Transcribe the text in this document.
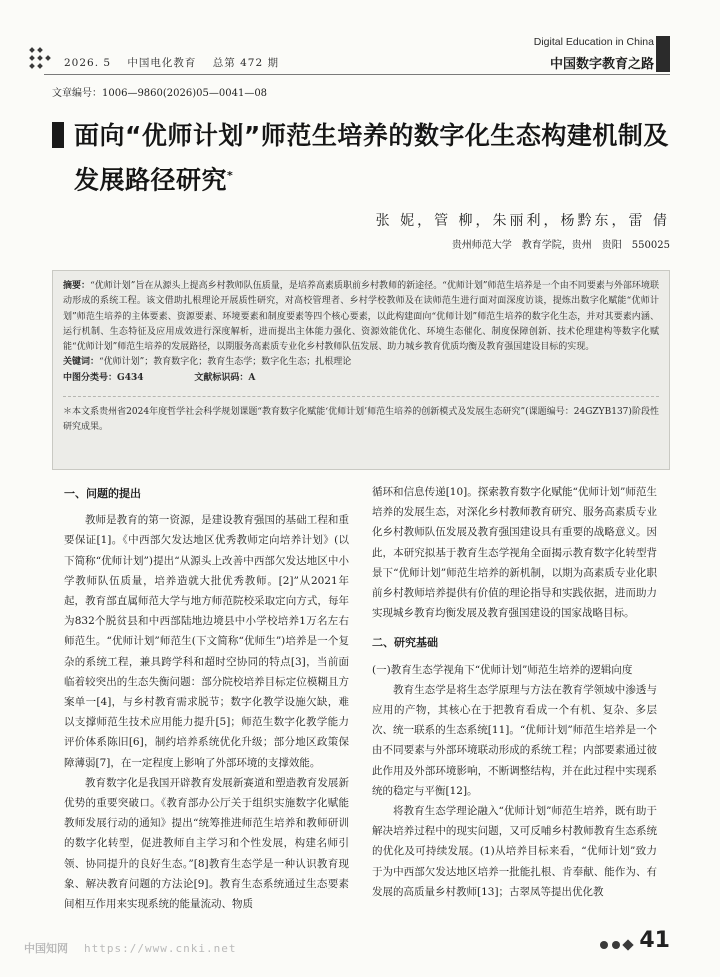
2026. 5 中国电化教育 总第 472 期
Digital Education in China
中国数字教育之路
文章编号：1006—9860(2026)05—0041—08
面向“优师计划”师范生培养的数字化生态构建机制及发展路径研究*
张 妮，管 柳，朱丽利，杨黔东，雷 倩
贵州师范大学　教育学院，贵州　贵阳　550025

摘要：“优师计划”旨在从源头上提高乡村教师队伍质量，是培养高素质职前乡村教师的新途径。“优师计划”师范生培养是一个由不同要素与外部环境联动形成的系统工程。该文借助扎根理论开展质性研究，对高校管理者、乡村学校教师及在读师范生进行面对面深度访谈，提炼出数字化赋能“优师计划”师范生培养的主体要素、资源要素、环境要素和制度要素等四个核心要素，以此构建面向“优师计划”师范生培养的数字化生态，并对其要素内涵、运行机制、生态特征及应用成效进行深度解析，进而提出主体能力强化、资源效能优化、环境生态催化、制度保障创新、技术伦理建构等数字化赋能“优师计划”师范生培养的发展路径，以期服务高素质专业化乡村教师队伍发展、助力城乡教育优质均衡及教育强国建设目标的实现。

关键词：“优师计划”；教育数字化；教育生态学；数字化生态；扎根理论

中图分类号：G434	文献标识码：A

＊本文系贵州省2024年度哲学社会科学规划课题“教育数字化赋能‘优师计划’师范生培养的创新模式及发展生态研究”(课题编号：24GZYB137)阶段性研究成果。

一、问题的提出

教师是教育的第一资源，是建设教育强国的基础工程和重要保证[1]。《中西部欠发达地区优秀教师定向培养计划》(以下简称“优师计划”)提出“从源头上改善中西部欠发达地区中小学教师队伍质量，培养造就大批优秀教师。[2]”从2021年起，教育部直属师范大学与地方师范院校采取定向方式，每年为832个脱贫县和中西部陆地边境县中小学校培养1万名左右师范生。“优师计划”师范生(下文简称“优师生”)培养是一个复杂的系统工程，兼具跨学科和超时空协同的特点[3]，当前面临着较突出的生态失衡问题：部分院校培养目标定位模糊且方案单一[4]，与乡村教育需求脱节；数字化教学设施欠缺，难以支撑师范生技术应用能力提升[5]；师范生数字化教学能力评价体系陈旧[6]，制约培养系统优化升级；部分地区政策保障薄弱[7]，在一定程度上影响了外部环境的支撑效能。

教育数字化是我国开辟教育发展新赛道和塑造教育发展新优势的重要突破口。《教育部办公厅关于组织实施数字化赋能教师发展行动的通知》提出“统筹推进师范生培养和教师研训的数字化转型，促进教师自主学习和个性发展，构建名师引领、协同提升的良好生态。”[8]教育生态学是一种认识教育现象、解决教育问题的方法论[9]。教育生态系统通过生态要素间相互作用来实现系统的能量流动、物质

循环和信息传递[10]。探索教育数字化赋能“优师计划”师范生培养的发展生态，对深化乡村教师教育研究、服务高素质专业化乡村教师队伍发展及教育强国建设具有重要的战略意义。因此，本研究拟基于教育生态学视角全面揭示教育数字化转型背景下“优师计划”师范生培养的新机制，以期为高素质专业化职前乡村教师培养提供有价值的理论指导和实践依据，进而助力实现城乡教育均衡发展及教育强国建设的国家战略目标。

二、研究基础
(一)教育生态学视角下“优师计划”师范生培养的逻辑向度

教育生态学是将生态学原理与方法在教育学领域中渗透与应用的产物，其核心在于把教育看成一个有机、复杂、多层次、统一联系的生态系统[11]。“优师计划”师范生培养是一个由不同要素与外部环境联动形成的系统工程；内部要素通过彼此作用及外部环境影响，不断调整结构，并在此过程中实现系统的稳定与平衡[12]。

将教育生态学理论融入“优师计划”师范生培养，既有助于解决培养过程中的现实问题，又可反哺乡村教师教育生态系统的优化及可持续发展。(1)从培养目标来看，“优师计划”致力于为中西部欠发达地区培养一批能扎根、肯奉献、能作为、有发展的高质量乡村教师[13]；古翠凤等提出优化教

中国知网 https://www.cnki.net	41
